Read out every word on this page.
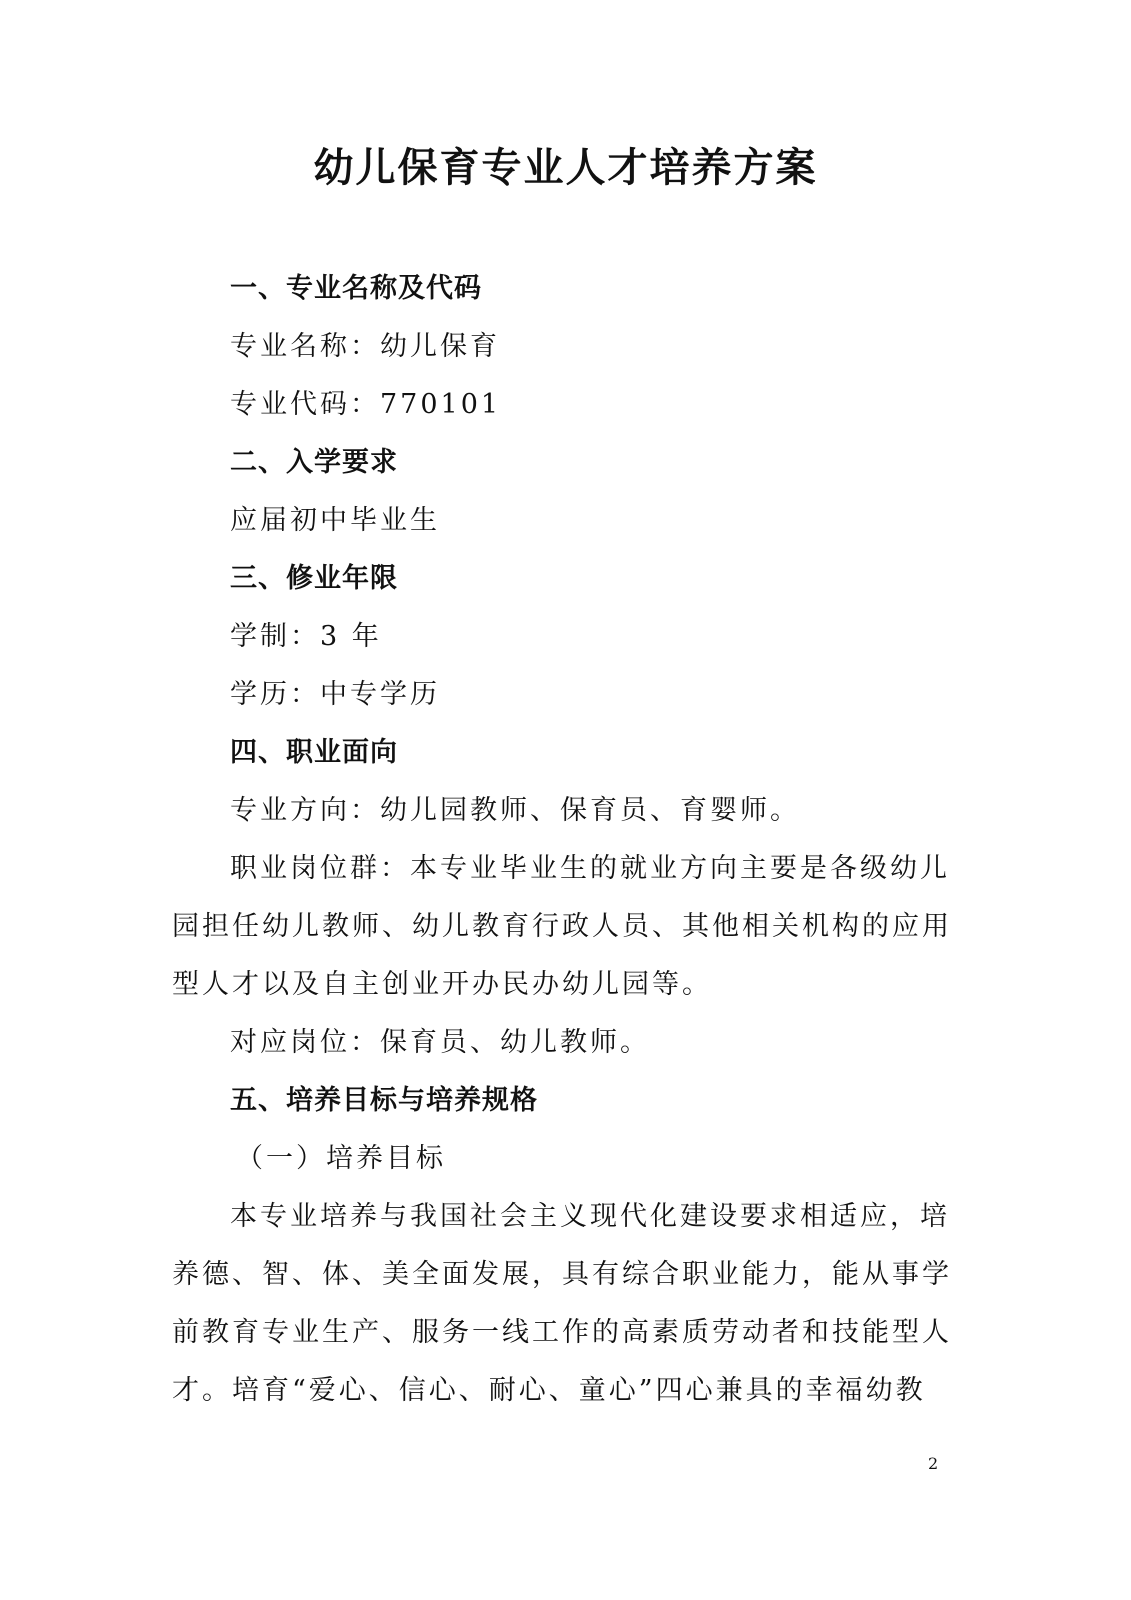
幼儿保育专业人才培养方案
一、专业名称及代码
专业名称：幼儿保育
专业代码：770101
二、入学要求
应届初中毕业生
三、修业年限
学制：3 年
学历：中专学历
四、职业面向
专业方向：幼儿园教师、保育员、育婴师。
职业岗位群：本专业毕业生的就业方向主要是各级幼儿
园担任幼儿教师、幼儿教育行政人员、其他相关机构的应用
型人才以及自主创业开办民办幼儿园等。
对应岗位：保育员、幼儿教师。
五、培养目标与培养规格
（一）培养目标
本专业培养与我国社会主义现代化建设要求相适应，培
养德、智、体、美全面发展，具有综合职业能力，能从事学
前教育专业生产、服务一线工作的高素质劳动者和技能型人
才。培育“爱心、信心、耐心、童心”四心兼具的幸福幼教
2
